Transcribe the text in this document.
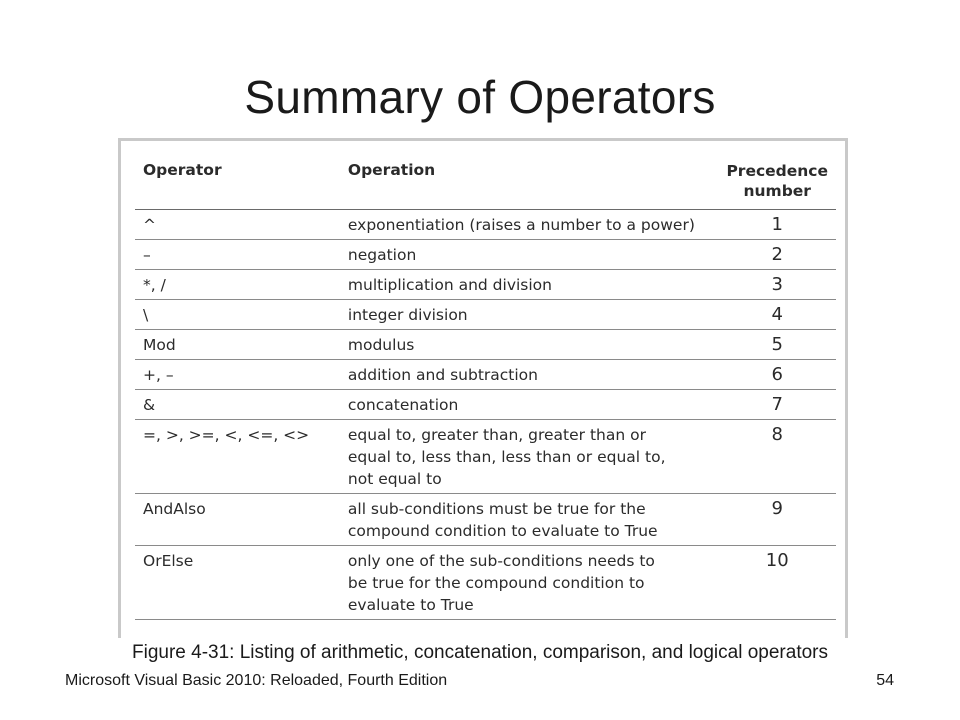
Summary of Operators
Operator	Operation	Precedence
number
^	exponentiation (raises a number to a power)	1
–	negation	2
*, /	multiplication and division	3
\	integer division	4
Mod	modulus	5
+, –	addition and subtraction	6
&	concatenation	7
=, >, >=, <, <=, <>	equal to, greater than, greater than or
equal to, less than, less than or equal to,
not equal to	8
AndAlso	all sub-conditions must be true for the
compound condition to evaluate to True	9
OrElse	only one of the sub-conditions needs to
be true for the compound condition to
evaluate to True	10
Figure 4-31: Listing of arithmetic, concatenation, comparison, and logical operators
Microsoft Visual Basic 2010: Reloaded, Fourth Edition	54
